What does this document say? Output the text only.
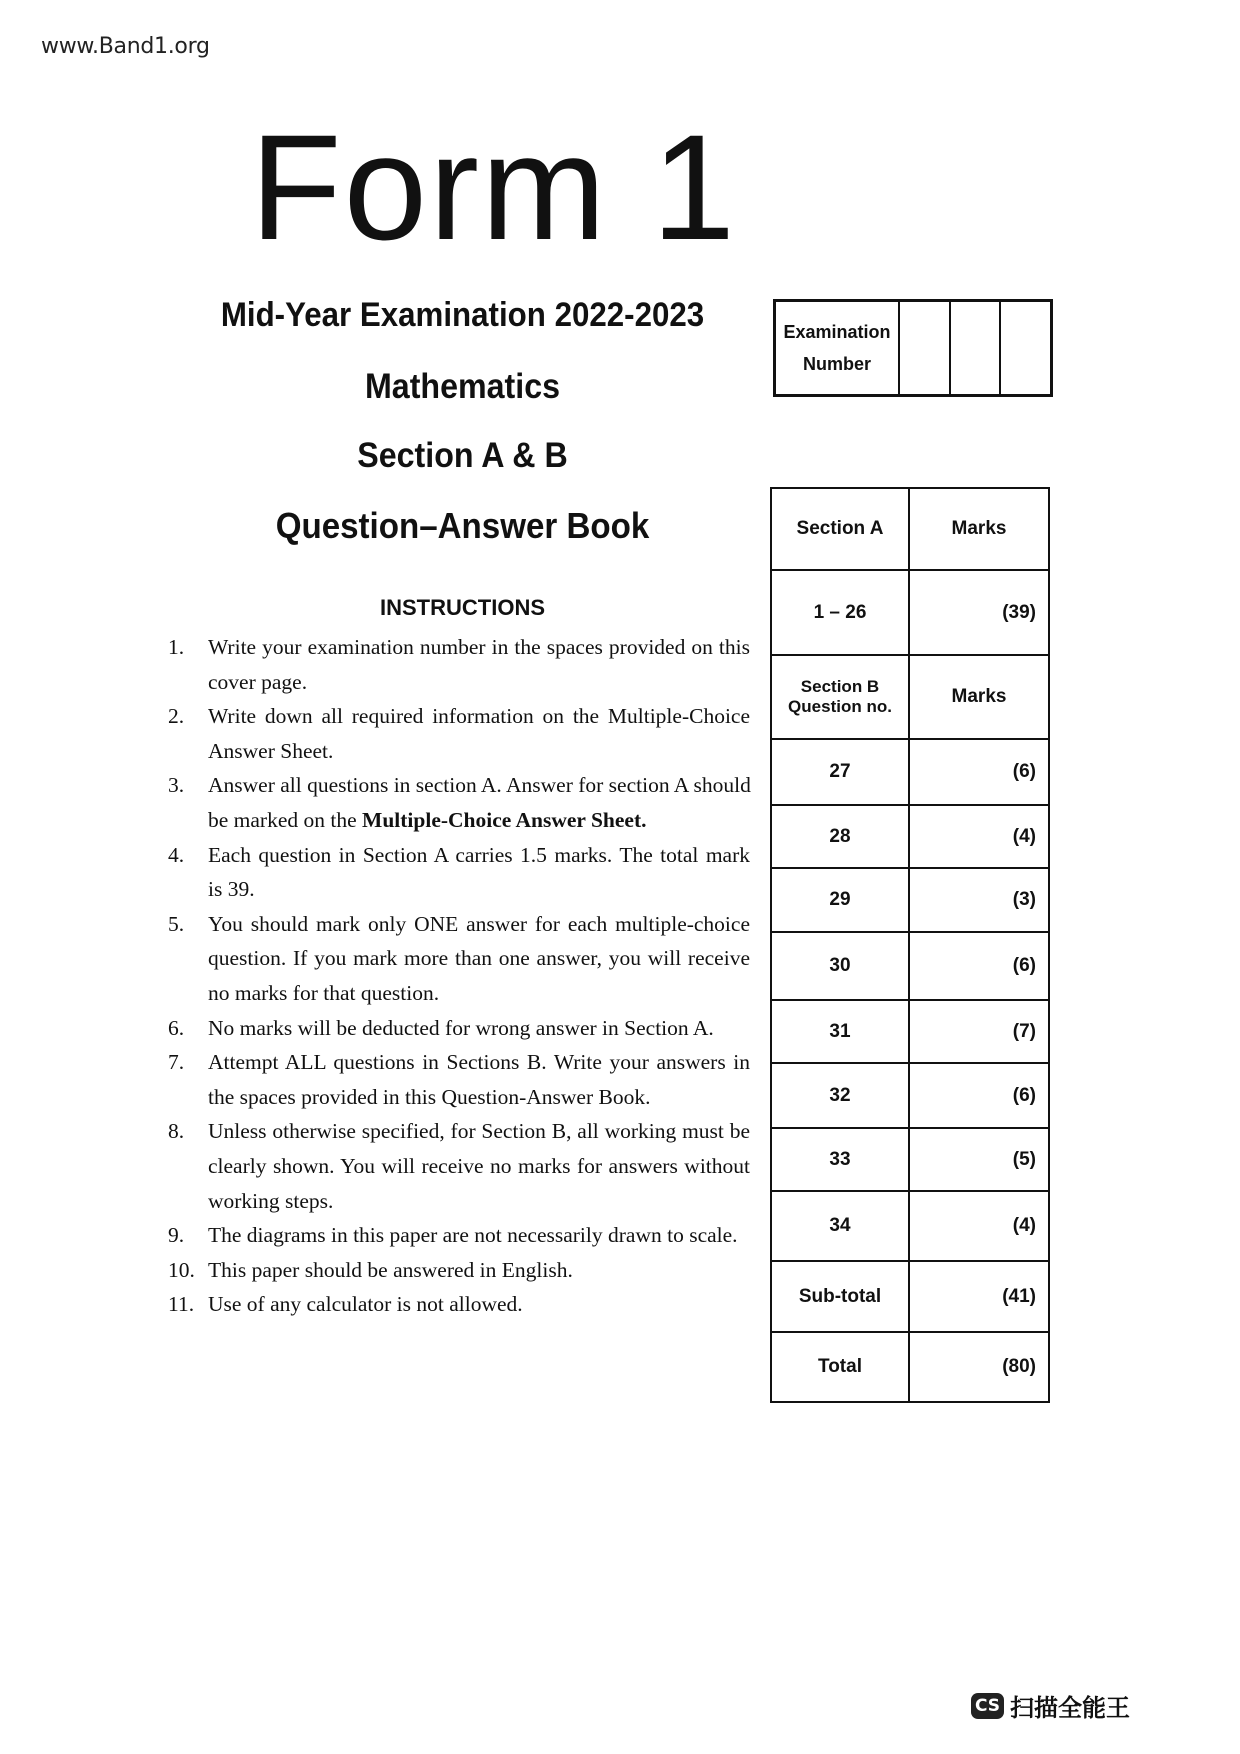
www.Band1.org
Form 1
Mid-Year Examination 2022-2023
Mathematics
Section A & B
Question–Answer Book
Examination
Number
INSTRUCTIONS
1.	Write your examination number in the spaces provided on this
cover page.
2.	Write down all required information on the Multiple-Choice
Answer Sheet.
3.	Answer all questions in section A. Answer for section A should
be marked on the Multiple-Choice Answer Sheet.
4.	Each question in Section A carries 1.5 marks. The total mark
is 39.
5.	You should mark only ONE answer for each multiple-choice
question. If you mark more than one answer, you will receive
no marks for that question.
6.	No marks will be deducted for wrong answer in Section A.
7.	Attempt ALL questions in Sections B. Write your answers in
the spaces provided in this Question-Answer Book.
8.	Unless otherwise specified, for Section B, all working must be
clearly shown. You will receive no marks for answers without
working steps.
9.	The diagrams in this paper are not necessarily drawn to scale.
10. This paper should be answered in English.
11. Use of any calculator is not allowed.
Section A	Marks
1 – 26	(39)

Section B
Question no.	Marks
27	(6)
28	(4)
29	(3)
30	(6)
31	(7)
32	(6)
33	(5)
34	(4)
Sub-total	(41)
Total	(80)
CS 扫描全能王
